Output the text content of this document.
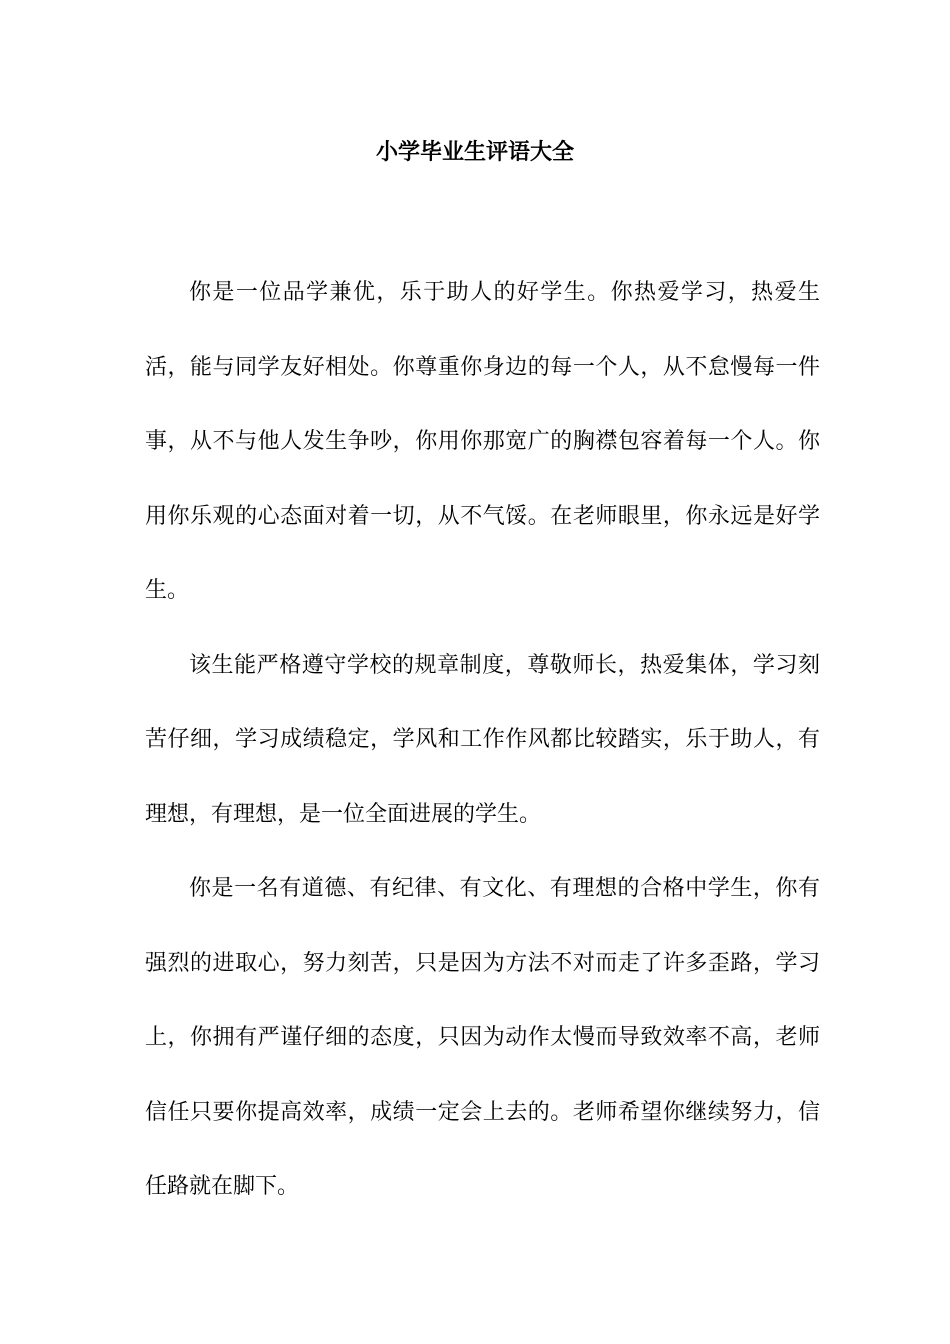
小学毕业生评语大全

你是一位品学兼优，乐于助人的好学生。你热爱学习，热爱生活，能与同学友好相处。你尊重你身边的每一个人，从不怠慢每一件事，从不与他人发生争吵，你用你那宽广的胸襟包容着每一个人。你用你乐观的心态面对着一切，从不气馁。在老师眼里，你永远是好学生。

该生能严格遵守学校的规章制度，尊敬师长，热爱集体，学习刻苦仔细，学习成绩稳定，学风和工作作风都比较踏实，乐于助人，有理想，有理想，是一位全面进展的学生。

你是一名有道德、有纪律、有文化、有理想的合格中学生，你有强烈的进取心，努力刻苦，只是因为方法不对而走了许多歪路，学习上，你拥有严谨仔细的态度，只因为动作太慢而导致效率不高，老师信任只要你提高效率，成绩一定会上去的。老师希望你继续努力，信任路就在脚下。
